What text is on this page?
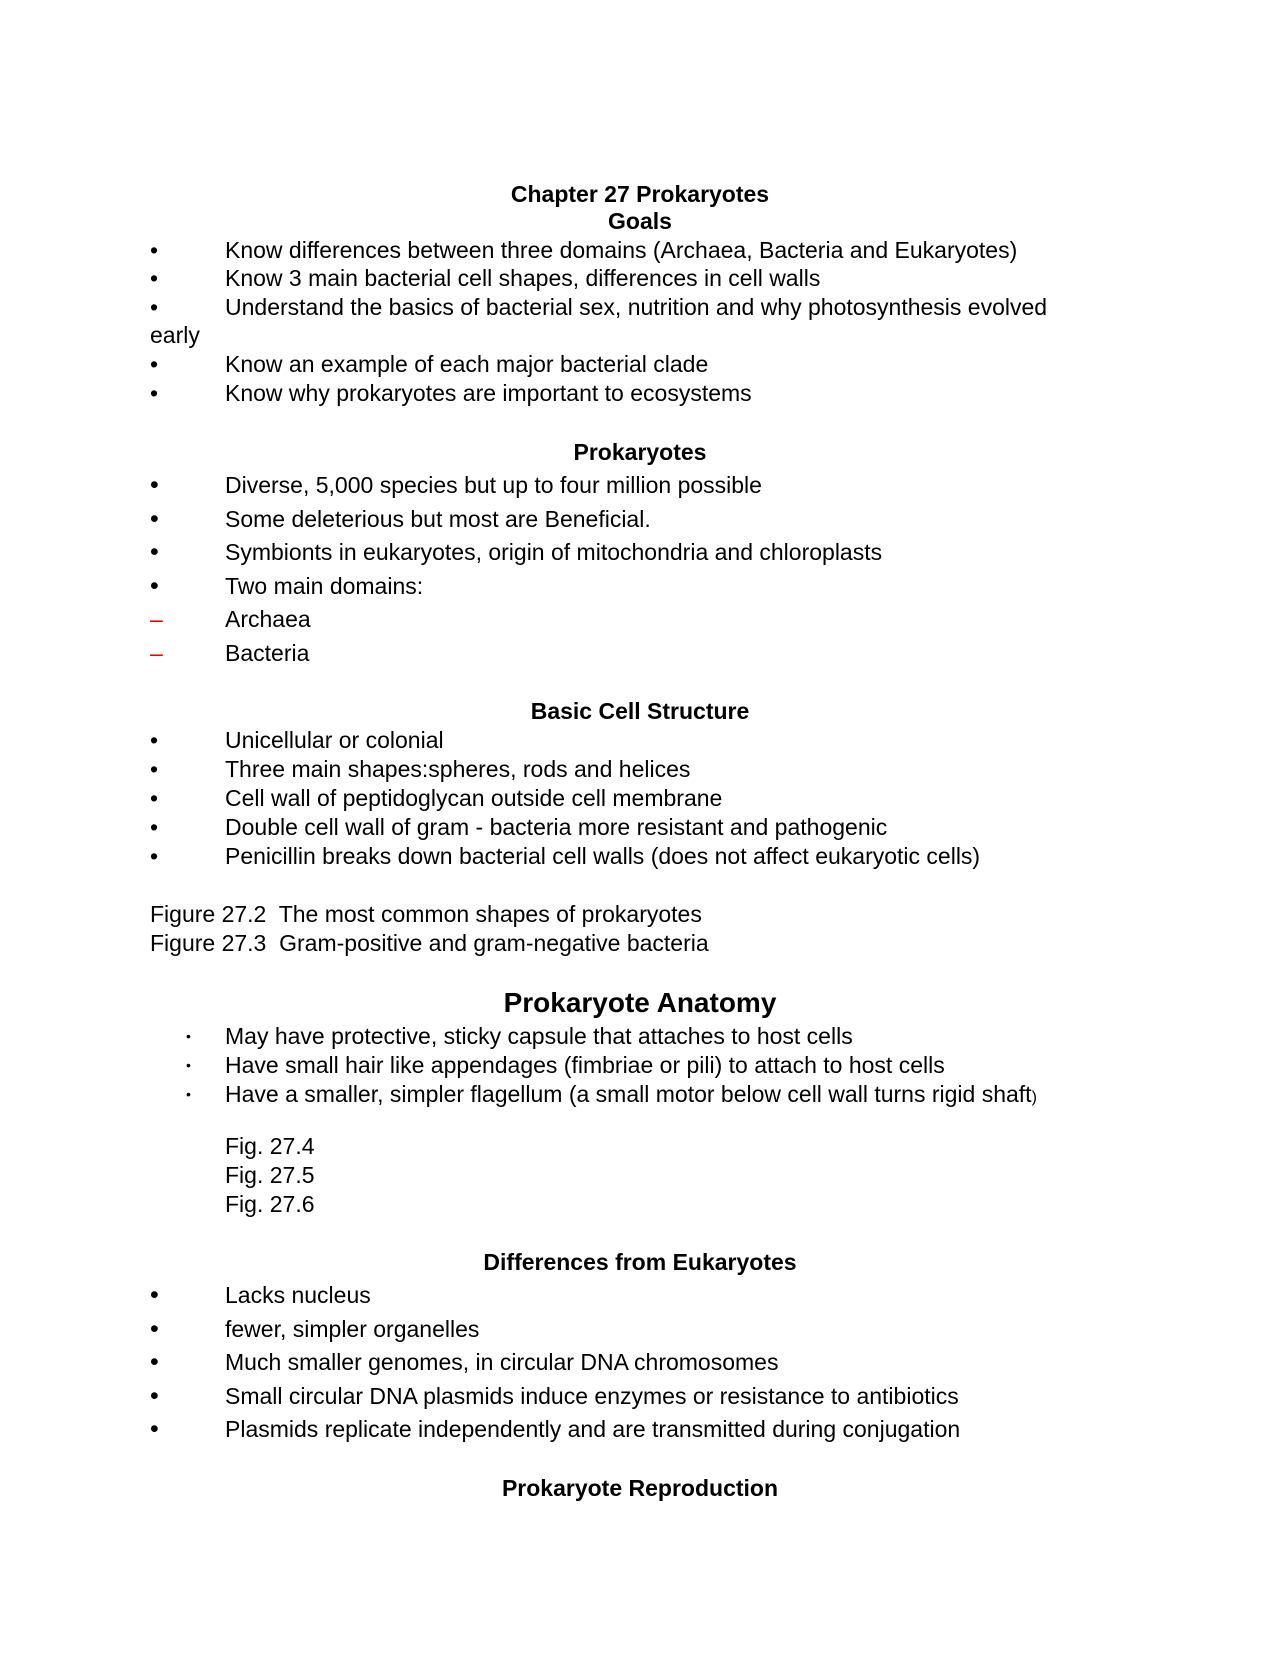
Chapter 27 Prokaryotes
Goals
•	Know differences between three domains (Archaea, Bacteria and Eukaryotes)
•	Know 3 main bacterial cell shapes, differences in cell walls
•	Understand the basics of bacterial sex, nutrition and why photosynthesis evolved
early
•	Know an example of each major bacterial clade
•	Know why prokaryotes are important to ecosystems
Prokaryotes
•	Diverse, 5,000 species but up to four million possible
•	Some deleterious but most are Beneficial.
•	Symbionts in eukaryotes, origin of mitochondria and chloroplasts
•	Two main domains:
–	Archaea
–	Bacteria
Basic Cell Structure
•	Unicellular or colonial
•	Three main shapes:spheres, rods and helices
•	Cell wall of peptidoglycan outside cell membrane
•	Double cell wall of gram - bacteria more resistant and pathogenic
•	Penicillin breaks down bacterial cell walls (does not affect eukaryotic cells)
Figure 27.2  The most common shapes of prokaryotes
Figure 27.3  Gram-positive and gram-negative bacteria
Prokaryote Anatomy
•	May have protective, sticky capsule that attaches to host cells
•	Have small hair like appendages (fimbriae or pili) to attach to host cells
•	Have a smaller, simpler flagellum (a small motor below cell wall turns rigid shaft)
Fig. 27.4
Fig. 27.5
Fig. 27.6
Differences from Eukaryotes
•	Lacks nucleus
•	fewer, simpler organelles
•	Much smaller genomes, in circular DNA chromosomes
•	Small circular DNA plasmids induce enzymes or resistance to antibiotics
•	Plasmids replicate independently and are transmitted during conjugation
Prokaryote Reproduction
